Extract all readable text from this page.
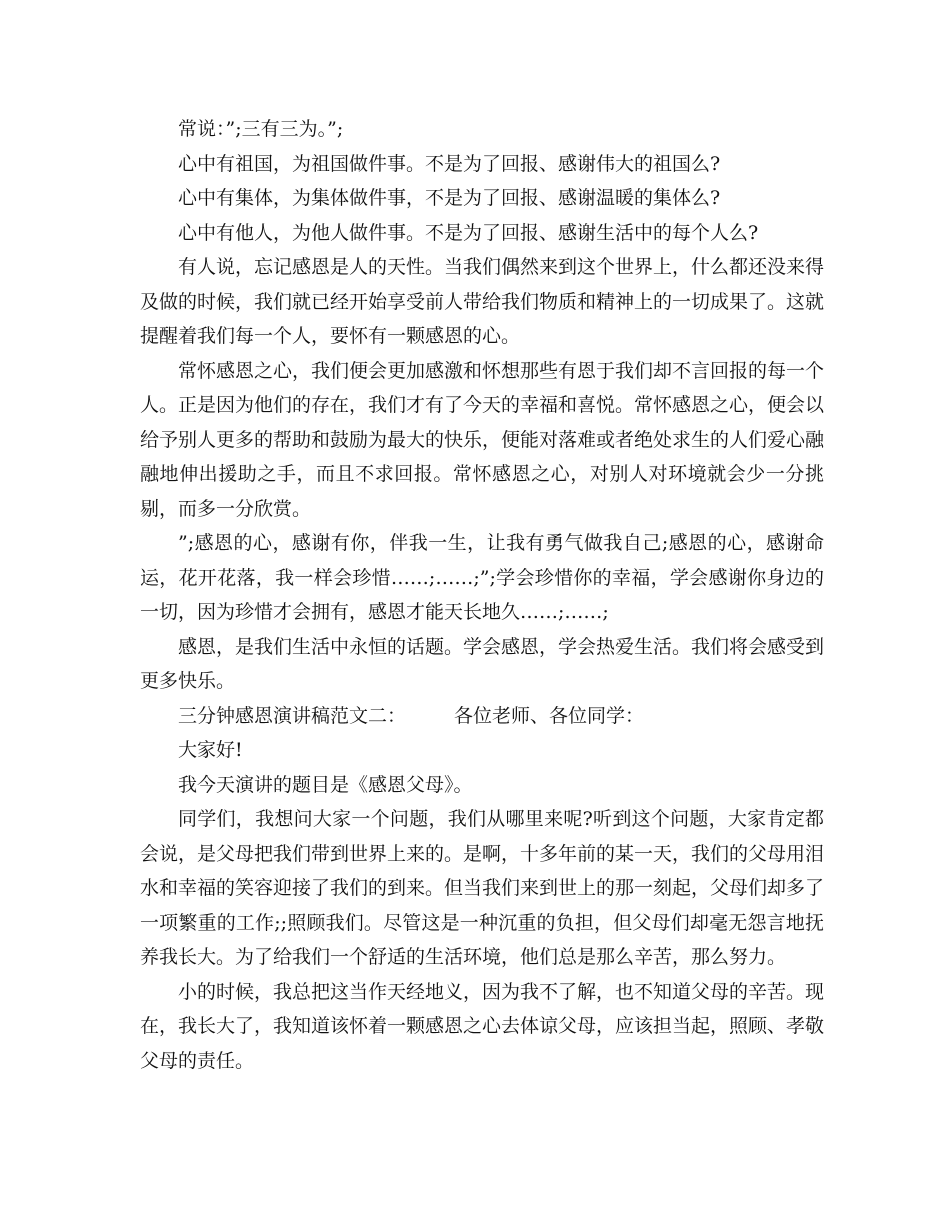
常说：”;三有三为。”;

心中有祖国，为祖国做件事。不是为了回报、感谢伟大的祖国么?

心中有集体，为集体做件事，不是为了回报、感谢温暖的集体么?

心中有他人，为他人做件事。不是为了回报、感谢生活中的每个人么?

有人说，忘记感恩是人的天性。当我们偶然来到这个世界上，什么都还没来得及做的时候，我们就已经开始享受前人带给我们物质和精神上的一切成果了。这就提醒着我们每一个人，要怀有一颗感恩的心。

常怀感恩之心，我们便会更加感激和怀想那些有恩于我们却不言回报的每一个人。正是因为他们的存在，我们才有了今天的幸福和喜悦。常怀感恩之心，便会以给予别人更多的帮助和鼓励为最大的快乐，便能对落难或者绝处求生的人们爱心融融地伸出援助之手，而且不求回报。常怀感恩之心，对别人对环境就会少一分挑剔，而多一分欣赏。

”;感恩的心，感谢有你，伴我一生，让我有勇气做我自己;感恩的心，感谢命运，花开花落，我一样会珍惜……;……;”;学会珍惜你的幸福，学会感谢你身边的一切，因为珍惜才会拥有，感恩才能天长地久……;……;

感恩，是我们生活中永恒的话题。学会感恩，学会热爱生活。我们将会感受到更多快乐。

三分钟感恩演讲稿范文二：	各位老师、各位同学：

大家好!

我今天演讲的题目是《感恩父母》。

同学们，我想问大家一个问题，我们从哪里来呢?听到这个问题，大家肯定都会说，是父母把我们带到世界上来的。是啊，十多年前的某一天，我们的父母用泪水和幸福的笑容迎接了我们的到来。但当我们来到世上的那一刻起，父母们却多了一项繁重的工作;;照顾我们。尽管这是一种沉重的负担，但父母们却毫无怨言地抚养我长大。为了给我们一个舒适的生活环境，他们总是那么辛苦，那么努力。

小的时候，我总把这当作天经地义，因为我不了解，也不知道父母的辛苦。现在，我长大了，我知道该怀着一颗感恩之心去体谅父母，应该担当起，照顾、孝敬父母的责任。
